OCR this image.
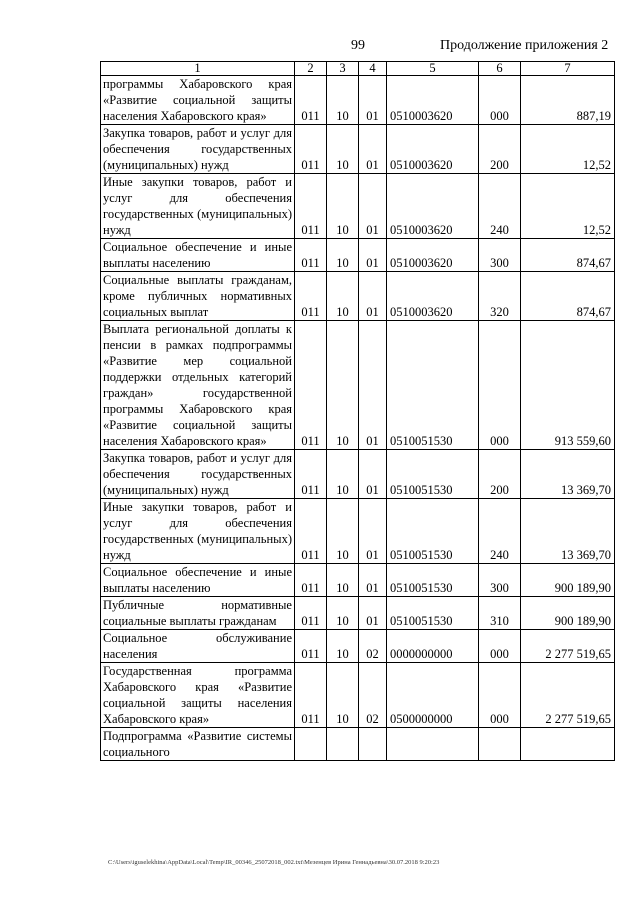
99	Продолжение приложения 2
1	2	3	4	5	6	7
программы Хабаровского края «Развитие социальной защиты населения Хабаровского края»	011	10	01	0510003620	000	887,19
Закупка товаров, работ и услуг для обеспечения государственных (муниципальных) нужд	011	10	01	0510003620	200	12,52
Иные закупки товаров, работ и услуг для обеспечения государственных (муниципальных) нужд	011	10	01	0510003620	240	12,52
Социальное обеспечение и иные выплаты населению	011	10	01	0510003620	300	874,67
Социальные выплаты гражданам, кроме публичных нормативных социальных выплат	011	10	01	0510003620	320	874,67
Выплата региональной доплаты к пенсии в рамках подпрограммы «Развитие мер социальной поддержки отдельных категорий граждан» государственной программы Хабаровского края «Развитие социальной защиты населения Хабаровского края»	011	10	01	0510051530	000	913 559,60
Закупка товаров, работ и услуг для обеспечения государственных (муниципальных) нужд	011	10	01	0510051530	200	13 369,70
Иные закупки товаров, работ и услуг для обеспечения государственных (муниципальных) нужд	011	10	01	0510051530	240	13 369,70
Социальное обеспечение и иные выплаты населению	011	10	01	0510051530	300	900 189,90
Публичные нормативные социальные выплаты гражданам	011	10	01	0510051530	310	900 189,90
Социальное обслуживание населения	011	10	02	0000000000	000	2 277 519,65
Государственная программа Хабаровского края «Развитие социальной защиты населения Хабаровского края»	011	10	02	0500000000	000	2 277 519,65
Подпрограмма «Развитие системы социального						
C:\Users\iguselekhina\AppData\Local\Temp\IR_00346_25072018_002.txt\Мезенцев Ирина Геннадьевна\30.07.2018 9:20:23
